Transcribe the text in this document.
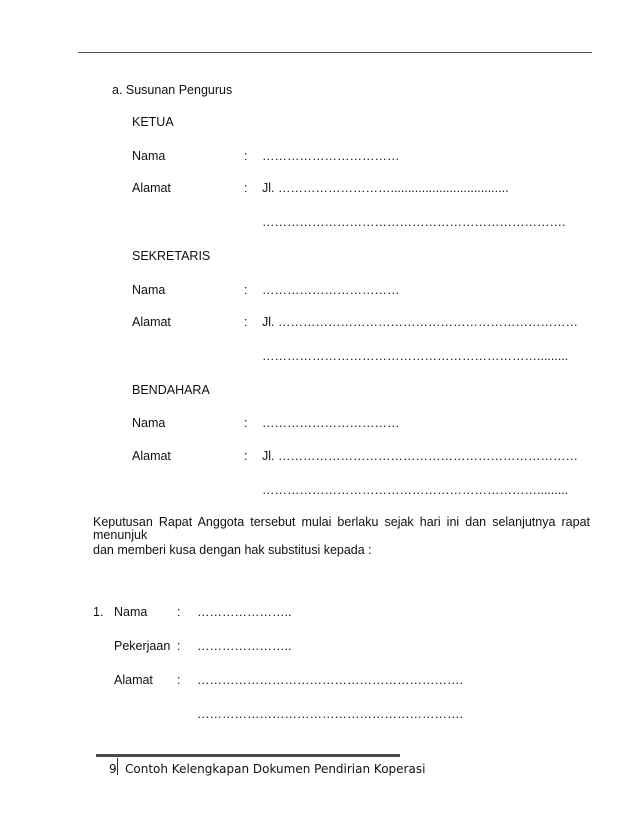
a. Susunan Pengurus
KETUA
Nama	: ……………………………
Alamat	: Jl. ………………………..................................
……………………………………………………………….
SEKRETARIS
Nama	: ……………………………
Alamat	: Jl. ………………………………………………………………
………………………………………………………….........
BENDAHARA
Nama	: ……………………………
Alamat	: Jl. ………………………………………………………………
………………………………………………………….........
Keputusan Rapat Anggota tersebut mulai berlaku sejak hari ini dan selanjutnya rapat menunjuk
dan memberi kusa dengan hak substitusi kepada :
1. Nama : …………………..
Pekerjaan : …………………..
Alamat : ……………………………………………………….
……………………………………………………….
9 Contoh Kelengkapan Dokumen Pendirian Koperasi
